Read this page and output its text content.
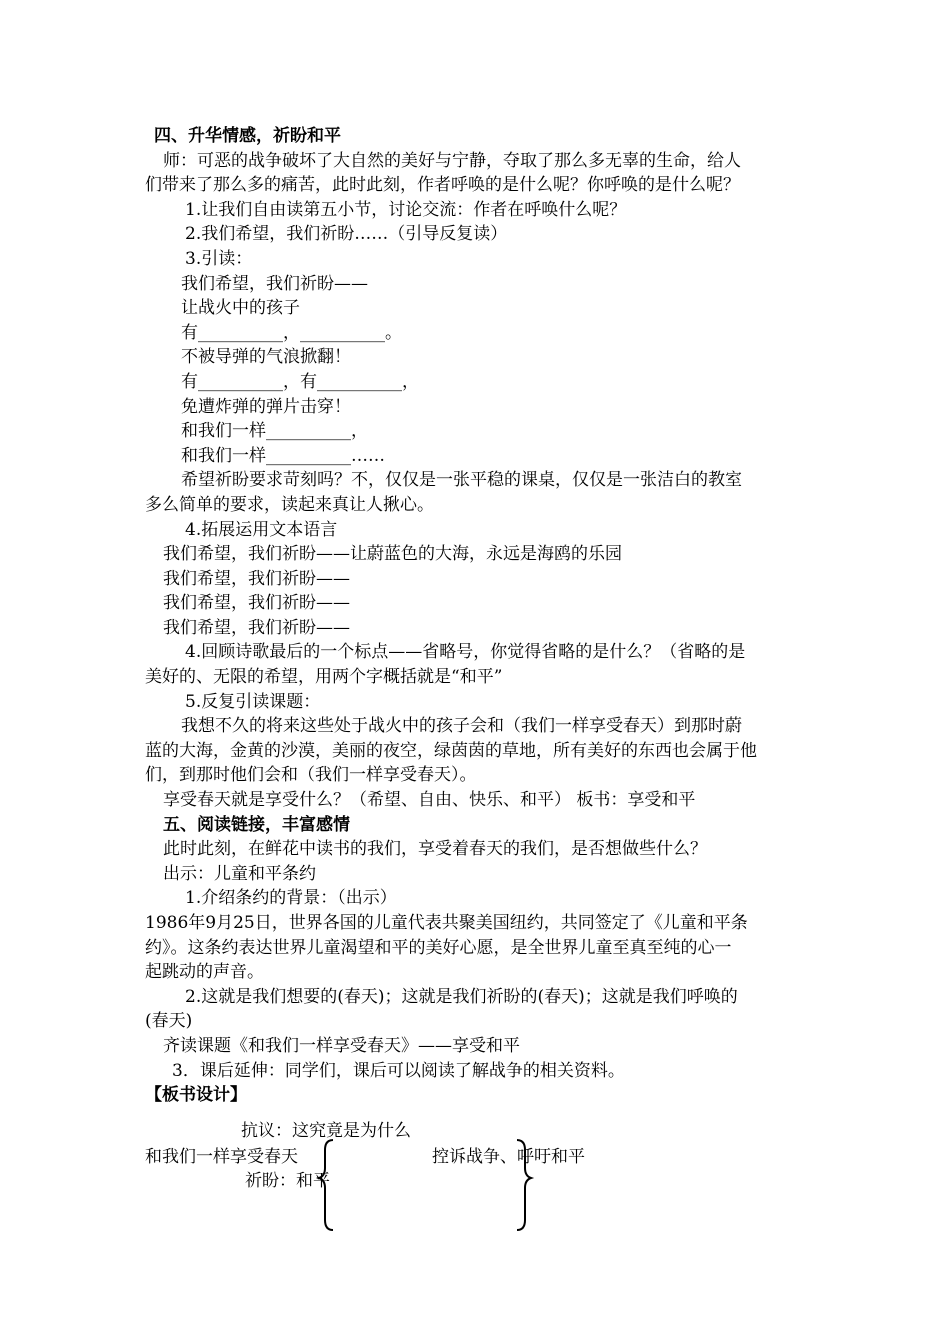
四、升华情感，祈盼和平
师：可恶的战争破坏了大自然的美好与宁静，夺取了那么多无辜的生命，给人
们带来了那么多的痛苦，此时此刻，作者呼唤的是什么呢？你呼唤的是什么呢？
1.让我们自由读第五小节，讨论交流：作者在呼唤什么呢？
2.我们希望，我们祈盼……（引导反复读）
3.引读：
我们希望，我们祈盼——
让战火中的孩子
有__________，__________。
不被导弹的气浪掀翻！
有__________，有__________，
免遭炸弹的弹片击穿！
和我们一样__________，
和我们一样__________……
希望祈盼要求苛刻吗？不，仅仅是一张平稳的课桌，仅仅是一张洁白的教室
多么简单的要求，读起来真让人揪心。
4.拓展运用文本语言
我们希望，我们祈盼——让蔚蓝色的大海，永远是海鸥的乐园
我们希望，我们祈盼——
我们希望，我们祈盼——
我们希望，我们祈盼——
4.回顾诗歌最后的一个标点——省略号，你觉得省略的是什么？（省略的是
美好的、无限的希望，用两个字概括就是“和平”
5.反复引读课题：
我想不久的将来这些处于战火中的孩子会和（我们一样享受春天）到那时蔚
蓝的大海，金黄的沙漠，美丽的夜空，绿茵茵的草地，所有美好的东西也会属于他
们，到那时他们会和（我们一样享受春天）。
享受春天就是享受什么？（希望、自由、快乐、和平） 板书：享受和平
五、阅读链接，丰富感情
此时此刻，在鲜花中读书的我们，享受着春天的我们，是否想做些什么？
出示：儿童和平条约
1.介绍条约的背景：（出示）
1986年9月25日，世界各国的儿童代表共聚美国纽约，共同签定了《儿童和平条
约》。这条约表达世界儿童渴望和平的美好心愿，是全世界儿童至真至纯的心一
起跳动的声音。
2.这就是我们想要的(春天)；这就是我们祈盼的(春天)；这就是我们呼唤的
(春天)
齐读课题《和我们一样享受春天》——享受和平
3．课后延伸：同学们，课后可以阅读了解战争的相关资料。
【板书设计】
抗议：这究竟是为什么
和我们一样享受春天
祈盼：和平
控诉战争、呼吁和平
